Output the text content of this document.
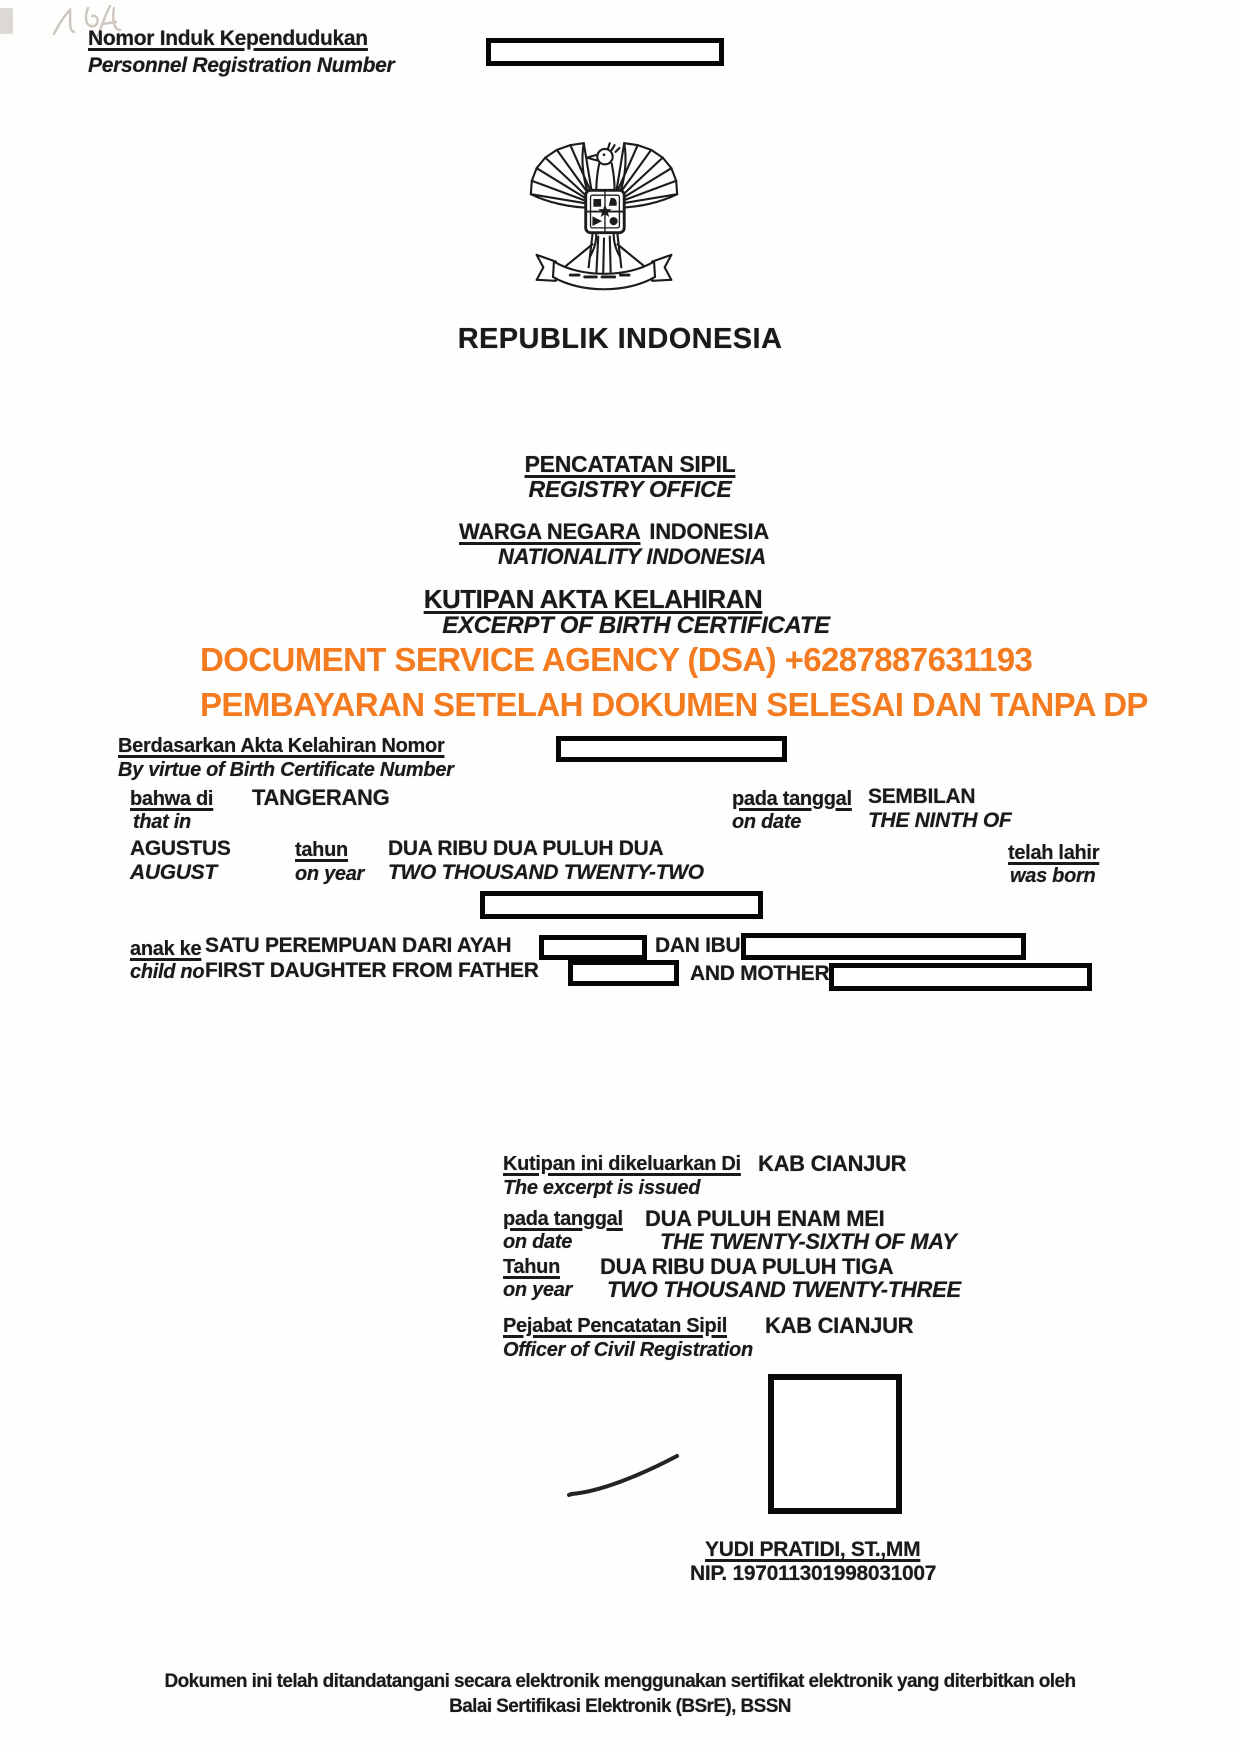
Nomor Induk Kependudukan
Personnel Registration Number
REPUBLIK INDONESIA
PENCATATAN SIPIL
REGISTRY OFFICE
WARGA NEGARA INDONESIA
NATIONALITY INDONESIA
KUTIPAN AKTA KELAHIRAN
EXCERPT OF BIRTH CERTIFICATE
DOCUMENT SERVICE AGENCY (DSA) +6287887631193
PEMBAYARAN SETELAH DOKUMEN SELESAI DAN TANPA DP
Berdasarkan Akta Kelahiran Nomor
By virtue of Birth Certificate Number
bahwa di TANGERANG
that in
pada tanggal SEMBILAN
on date	THE NINTH OF
AGUSTUS
AUGUST
tahun
on year
DUA RIBU DUA PULUH DUA
TWO THOUSAND TWENTY-TWO
telah lahir
was born
anak ke
child no
SATU PEREMPUAN DARI AYAH	DAN IBU
FIRST DAUGHTER FROM FATHER	AND MOTHER
Kutipan ini dikeluarkan Di KAB CIANJUR
The excerpt is issued
pada tanggal DUA PULUH ENAM MEI
on date	THE TWENTY-SIXTH OF MAY
Tahun DUA RIBU DUA PULUH TIGA
on year TWO THOUSAND TWENTY-THREE
Pejabat Pencatatan Sipil KAB CIANJUR
Officer of Civil Registration
YUDI PRATIDI, ST.,MM
NIP. 197011301998031007
Dokumen ini telah ditandatangani secara elektronik menggunakan sertifikat elektronik yang diterbitkan oleh
Balai Sertifikasi Elektronik (BSrE), BSSN
